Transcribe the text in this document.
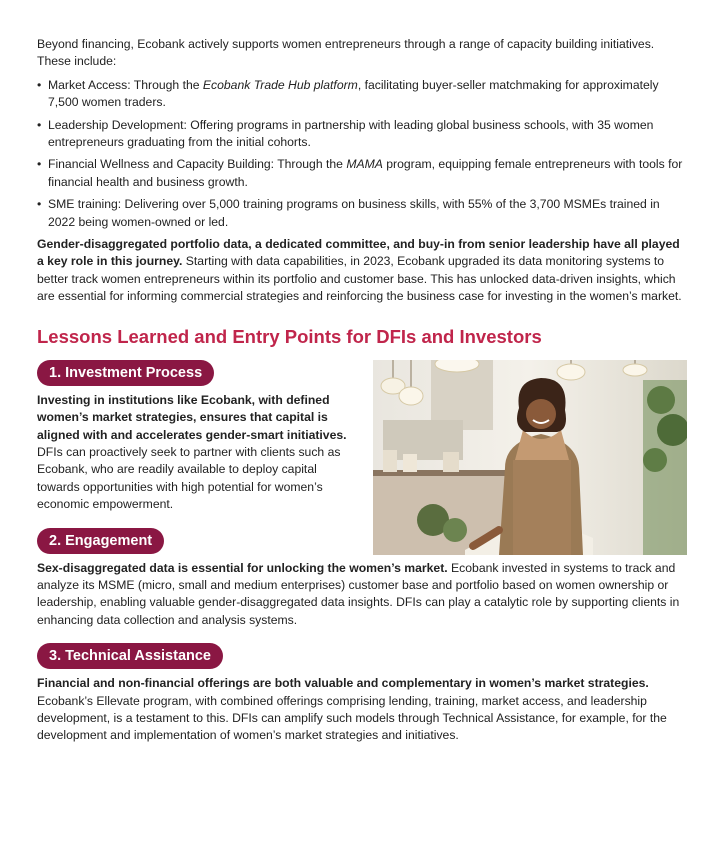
Beyond financing, Ecobank actively supports women entrepreneurs through a range of capacity building initiatives. These include:

• Market Access: Through the Ecobank Trade Hub platform, facilitating buyer-seller matchmaking for approximately 7,500 women traders.
• Leadership Development: Offering programs in partnership with leading global business schools, with 35 women entrepreneurs graduating from the initial cohorts.
• Financial Wellness and Capacity Building: Through the MAMA program, equipping female entrepreneurs with tools for financial health and business growth.
• SME training: Delivering over 5,000 training programs on business skills, with 55% of the 3,700 MSMEs trained in 2022 being women-owned or led.

Gender-disaggregated portfolio data, a dedicated committee, and buy-in from senior leadership have all played a key role in this journey. Starting with data capabilities, in 2023, Ecobank upgraded its data monitoring systems to better track women entrepreneurs within its portfolio and customer base. This has unlocked data-driven insights, which are essential for informing commercial strategies and reinforcing the business case for investing in the women’s market.

Lessons Learned and Entry Points for DFIs and Investors
1. Investment Process

Investing in institutions like Ecobank, with defined women’s market strategies, ensures that capital is aligned with and accelerates gender-smart initiatives. DFIs can proactively seek to partner with clients such as Ecobank, who are readily available to deploy capital towards opportunities with high potential for women’s economic empowerment.

2. Engagement

Sex-disaggregated data is essential for unlocking the women’s market. Ecobank invested in systems to track and analyze its MSME (micro, small and medium enterprises) customer base and portfolio based on women ownership or leadership, enabling valuable gender-disaggregated data insights. DFIs can play a catalytic role by supporting clients in enhancing data collection and analysis systems.

3. Technical Assistance

Financial and non-financial offerings are both valuable and complementary in women’s market strategies. Ecobank’s Ellevate program, with combined offerings comprising lending, training, market access, and leadership development, is a testament to this. DFIs can amplify such models through Technical Assistance, for example, for the development and implementation of women’s market strategies and initiatives.
